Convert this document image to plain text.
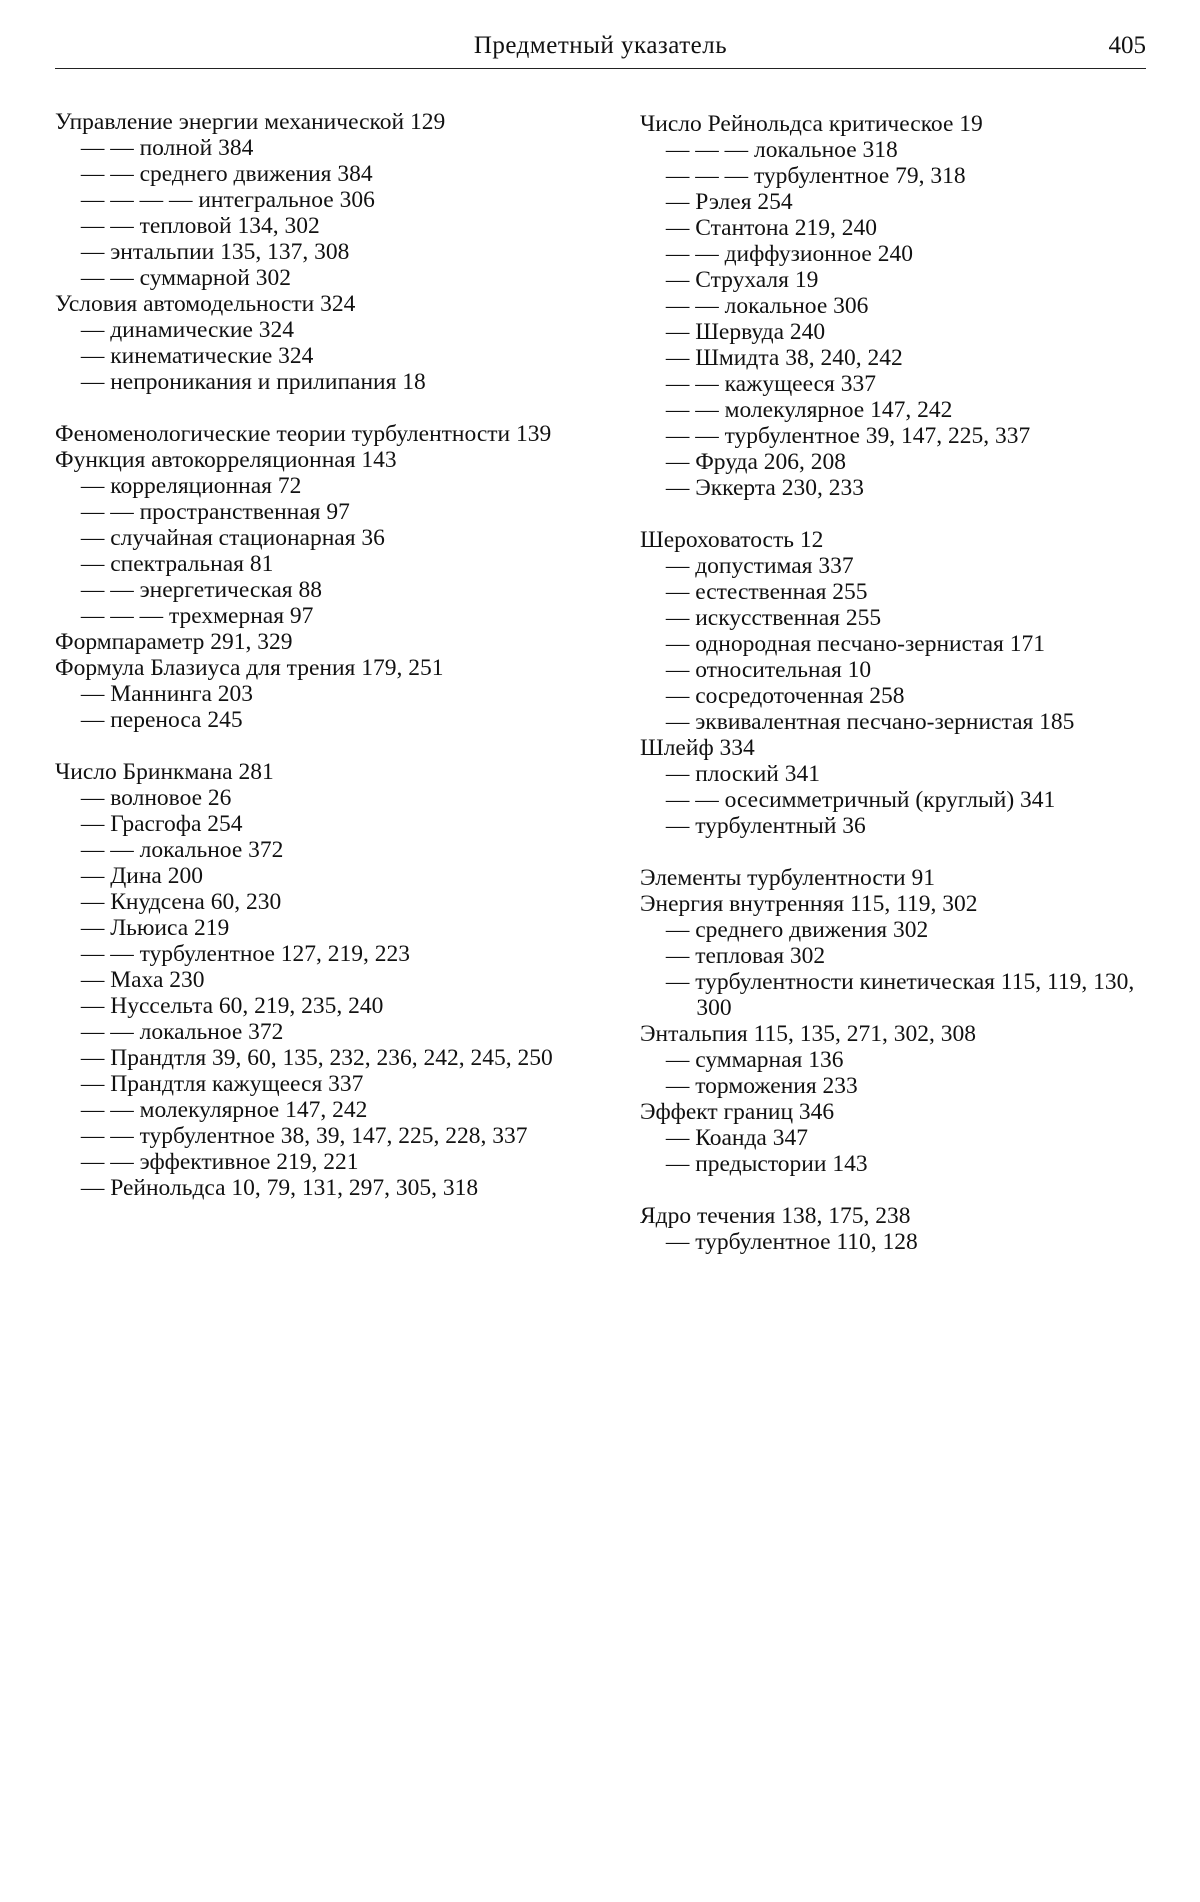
Предметный указатель	405
Управление энергии механической 129
— — полной 384
— — среднего движения 384
— — — — интегральное 306
— — тепловой 134, 302
— энтальпии 135, 137, 308
— — суммарной 302
Условия автомодельности 324
— динамические 324
— кинематические 324
— непроникания и прилипания 18
Феноменологические теории турбулентности 139
Функция автокорреляционная 143
— корреляционная 72
— — пространственная 97
— случайная стационарная 36
— спектральная 81
— — энергетическая 88
— — — трехмерная 97
Формпараметр 291, 329
Формула Блазиуса для трения 179, 251
— Маннинга 203
— переноса 245
Число Бринкмана 281
— волновое 26
— Грасгофа 254
— — локальное 372
— Дина 200
— Кнудсена 60, 230
— Льюиса 219
— — турбулентное 127, 219, 223
— Маха 230
— Нуссельта 60, 219, 235, 240
— — локальное 372
— Прандтля 39, 60, 135, 232, 236, 242, 245, 250
— Прандтля кажущееся 337
— — молекулярное 147, 242
— — турбулентное 38, 39, 147, 225, 228, 337
— — эффективное 219, 221
— Рейнольдса 10, 79, 131, 297, 305, 318
Число Рейнольдса критическое 19
— — — локальное 318
— — — турбулентное 79, 318
— Рэлея 254
— Стантона 219, 240
— — диффузионное 240
— Струхаля 19
— — локальное 306
— Шервуда 240
— Шмидта 38, 240, 242
— — кажущееся 337
— — молекулярное 147, 242
— — турбулентное 39, 147, 225, 337
— Фруда 206, 208
— Эккерта 230, 233
Шероховатость 12
— допустимая 337
— естественная 255
— искусственная 255
— однородная песчано-зернистая 171
— относительная 10
— сосредоточенная 258
— эквивалентная песчано-зернистая 185
Шлейф 334
— плоский 341
— — осесимметричный (круглый) 341
— турбулентный 36
Элементы турбулентности 91
Энергия внутренняя 115, 119, 302
— среднего движения 302
— тепловая 302
— турбулентности кинетическая 115, 119, 130, 300
Энтальпия 115, 135, 271, 302, 308
— суммарная 136
— торможения 233
Эффект границ 346
— Коанда 347
— предыстории 143
Ядро течения 138, 175, 238
— турбулентное 110, 128
